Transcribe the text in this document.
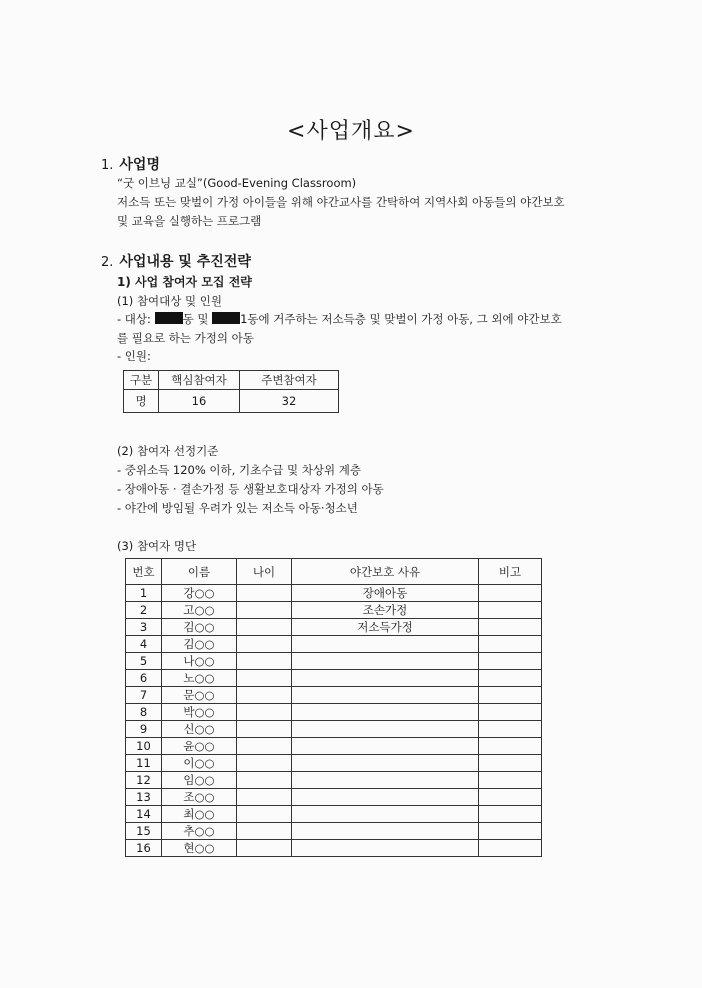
<사업개요>
1. 사업명
“굿 이브닝 교실”(Good-Evening Classroom)
저소득 또는 맞벌이 가정 아이들을 위해 야간교사를 간탁하여 지역사회 아동들의 야간보호
및 교육을 실행하는 프로그램
2. 사업내용 및 추진전략
1) 사업 참여자 모집 전략
(1) 참여대상 및 인원
- 대상: 동 및 1동에 거주하는 저소득층 및 맞벌이 가정 아동, 그 외에 야간보호
를 필요로 하는 가정의 아동
- 인원:
구분	핵심참여자	주변참여자
명	16	32
(2) 참여자 선정기준
- 중위소득 120% 이하, 기초수급 및 차상위 계층
- 장애아동 · 결손가정 등 생활보호대상자 가정의 아동
- 야간에 방임될 우려가 있는 저소득 아동·청소년
(3) 참여자 명단
번호	이름	나이	야간보호 사유	비고
1	강○○		장애아동	
2	고○○		조손가정	
3	김○○		저소득가정	
4	김○○			
5	나○○			
6	노○○			
7	문○○			
8	박○○			
9	신○○			
10	윤○○			
11	이○○			
12	임○○			
13	조○○			
14	최○○			
15	추○○			
16	현○○			
